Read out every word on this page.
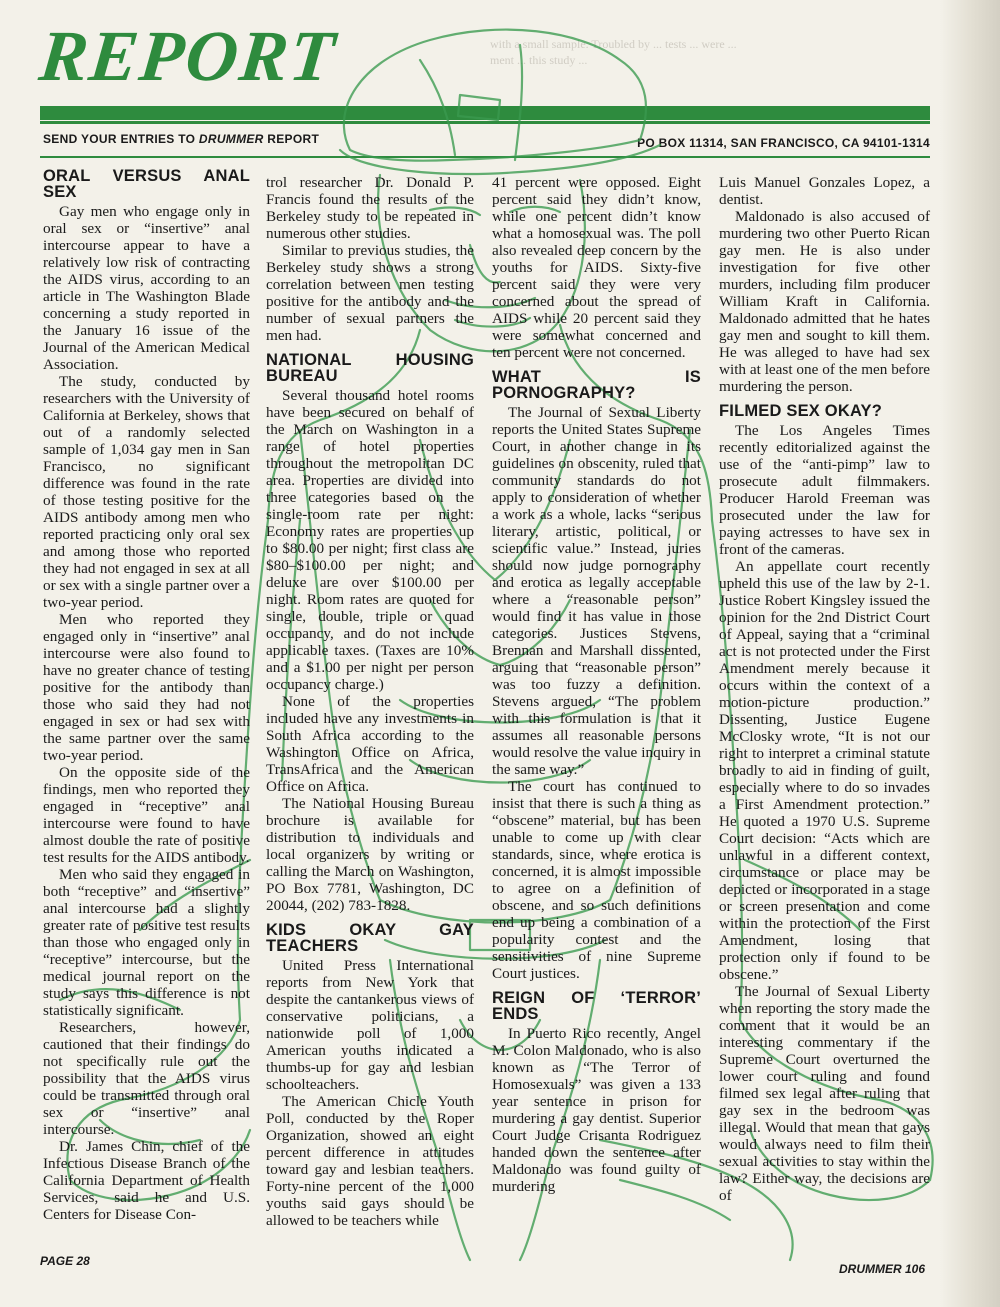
with a small sample. Troubled by ... tests ... were ...
ment ... this study ...
REPORT
SEND YOUR ENTRIES TO DRUMMER REPORT	PO BOX 11314, SAN FRANCISCO, CA 94101-1314
ORAL VERSUS ANAL SEX

Gay men who engage only in oral sex or “insertive” anal intercourse appear to have a relatively low risk of contracting the AIDS virus, according to an article in The Washington Blade concerning a study reported in the January 16 issue of the Journal of the American Medical Association.

The study, conducted by researchers with the University of California at Berkeley, shows that out of a randomly selected sample of 1,034 gay men in San Francisco, no significant difference was found in the rate of those testing positive for the AIDS antibody among men who reported practicing only oral sex and among those who reported they had not engaged in sex at all or sex with a single partner over a two-year period.

Men who reported they engaged only in “insertive” anal intercourse were also found to have no greater chance of testing positive for the antibody than those who said they had not engaged in sex or had sex with the same partner over the same two-year period.

On the opposite side of the findings, men who reported they engaged in “receptive” anal intercourse were found to have almost double the rate of positive test results for the AIDS antibody.

Men who said they engaged in both “receptive” and “insertive” anal intercourse had a slightly greater rate of positive test results than those who engaged only in “receptive” intercourse, but the medical journal report on the study says this difference is not statistically significant.

Researchers, however, cautioned that their findings do not specifically rule out the possibility that the AIDS virus could be transmitted through oral sex or “insertive” anal intercourse.

Dr. James Chin, chief of the Infectious Disease Branch of the California Department of Health Services, said he and U.S. Centers for Disease Con-

trol researcher Dr. Donald P. Francis found the results of the Berkeley study to be repeated in numerous other studies.

Similar to previous studies, the Berkeley study shows a strong correlation between men testing positive for the antibody and the number of sexual partners the men had.

NATIONAL HOUSING BUREAU

Several thousand hotel rooms have been secured on behalf of the March on Washington in a range of hotel properties throughout the metropolitan DC area. Properties are divided into three categories based on the single-room rate per night: Economy rates are properties up to $80.00 per night; first class are $80–$100.00 per night; and deluxe are over $100.00 per night. Room rates are quoted for single, double, triple or quad occupancy, and do not include applicable taxes. (Taxes are 10% and a $1.00 per night per person occupancy charge.)

None of the properties included have any investments in South Africa according to the Washington Office on Africa, TransAfrica and the American Office on Africa.

The National Housing Bureau brochure is available for distribution to individuals and local organizers by writing or calling the March on Washington, PO Box 7781, Washington, DC 20044, (202) 783-1828.

KIDS OKAY GAY TEACHERS

United Press International reports from New York that despite the cantankerous views of conservative politicians, a nationwide poll of 1,000 American youths indicated a thumbs-up for gay and lesbian schoolteachers.

The American Chicle Youth Poll, conducted by the Roper Organization, showed an eight percent difference in attitudes toward gay and lesbian teachers. Forty-nine percent of the 1,000 youths said gays should be allowed to be teachers while

41 percent were opposed. Eight percent said they didn’t know, while one percent didn’t know what a homosexual was. The poll also revealed deep concern by the youths for AIDS. Sixty-five percent said they were very concerned about the spread of AIDS while 20 percent said they were somewhat concerned and ten percent were not concerned.

WHAT IS PORNOGRAPHY?

The Journal of Sexual Liberty reports the United States Supreme Court, in another change in its guidelines on obscenity, ruled that community standards do not apply to consideration of whether a work as a whole, lacks “serious literary, artistic, political, or scientific value.” Instead, juries should now judge pornography and erotica as legally acceptable where a “reasonable person” would find it has value in those categories. Justices Stevens, Brennan and Marshall dissented, arguing that “reasonable person” was too fuzzy a definition. Stevens argued, “The problem with this formulation is that it assumes all reasonable persons would resolve the value inquiry in the same way.”

The court has continued to insist that there is such a thing as “obscene” material, but has been unable to come up with clear standards, since, where erotica is concerned, it is almost impossible to agree on a definition of obscene, and so such definitions end up being a combination of a popularity contest and the sensitivities of nine Supreme Court justices.

REIGN OF ‘TERROR’ ENDS

In Puerto Rico recently, Angel M. Colon Maldonado, who is also known as “The Terror of Homosexuals” was given a 133 year sentence in prison for murdering a gay dentist. Superior Court Judge Crisanta Rodriguez handed down the sentence after Maldonado was found guilty of murdering

Luis Manuel Gonzales Lopez, a dentist.

Maldonado is also accused of murdering two other Puerto Rican gay men. He is also under investigation for five other murders, including film producer William Kraft in California. Maldonado admitted that he hates gay men and sought to kill them. He was alleged to have had sex with at least one of the men before murdering the person.

FILMED SEX OKAY?

The Los Angeles Times recently editorialized against the use of the “anti-pimp” law to prosecute adult filmmakers. Producer Harold Freeman was prosecuted under the law for paying actresses to have sex in front of the cameras.

An appellate court recently upheld this use of the law by 2-1. Justice Robert Kingsley issued the opinion for the 2nd District Court of Appeal, saying that a “criminal act is not protected under the First Amendment merely because it occurs within the context of a motion-picture production.” Dissenting, Justice Eugene McClosky wrote, “It is not our right to interpret a criminal statute broadly to aid in finding of guilt, especially where to do so invades a First Amendment protection.” He quoted a 1970 U.S. Supreme Court decision: “Acts which are unlawful in a different context, circumstance or place may be depicted or incorporated in a stage or screen presentation and come within the protection of the First Amendment, losing that protection only if found to be obscene.”

The Journal of Sexual Liberty when reporting the story made the comment that it would be an interesting commentary if the Supreme Court overturned the lower court ruling and found filmed sex legal after ruling that gay sex in the bedroom was illegal. Would that mean that gays would always need to film their sexual activities to stay within the law? Either way, the decisions are of

PAGE 28
DRUMMER 106
